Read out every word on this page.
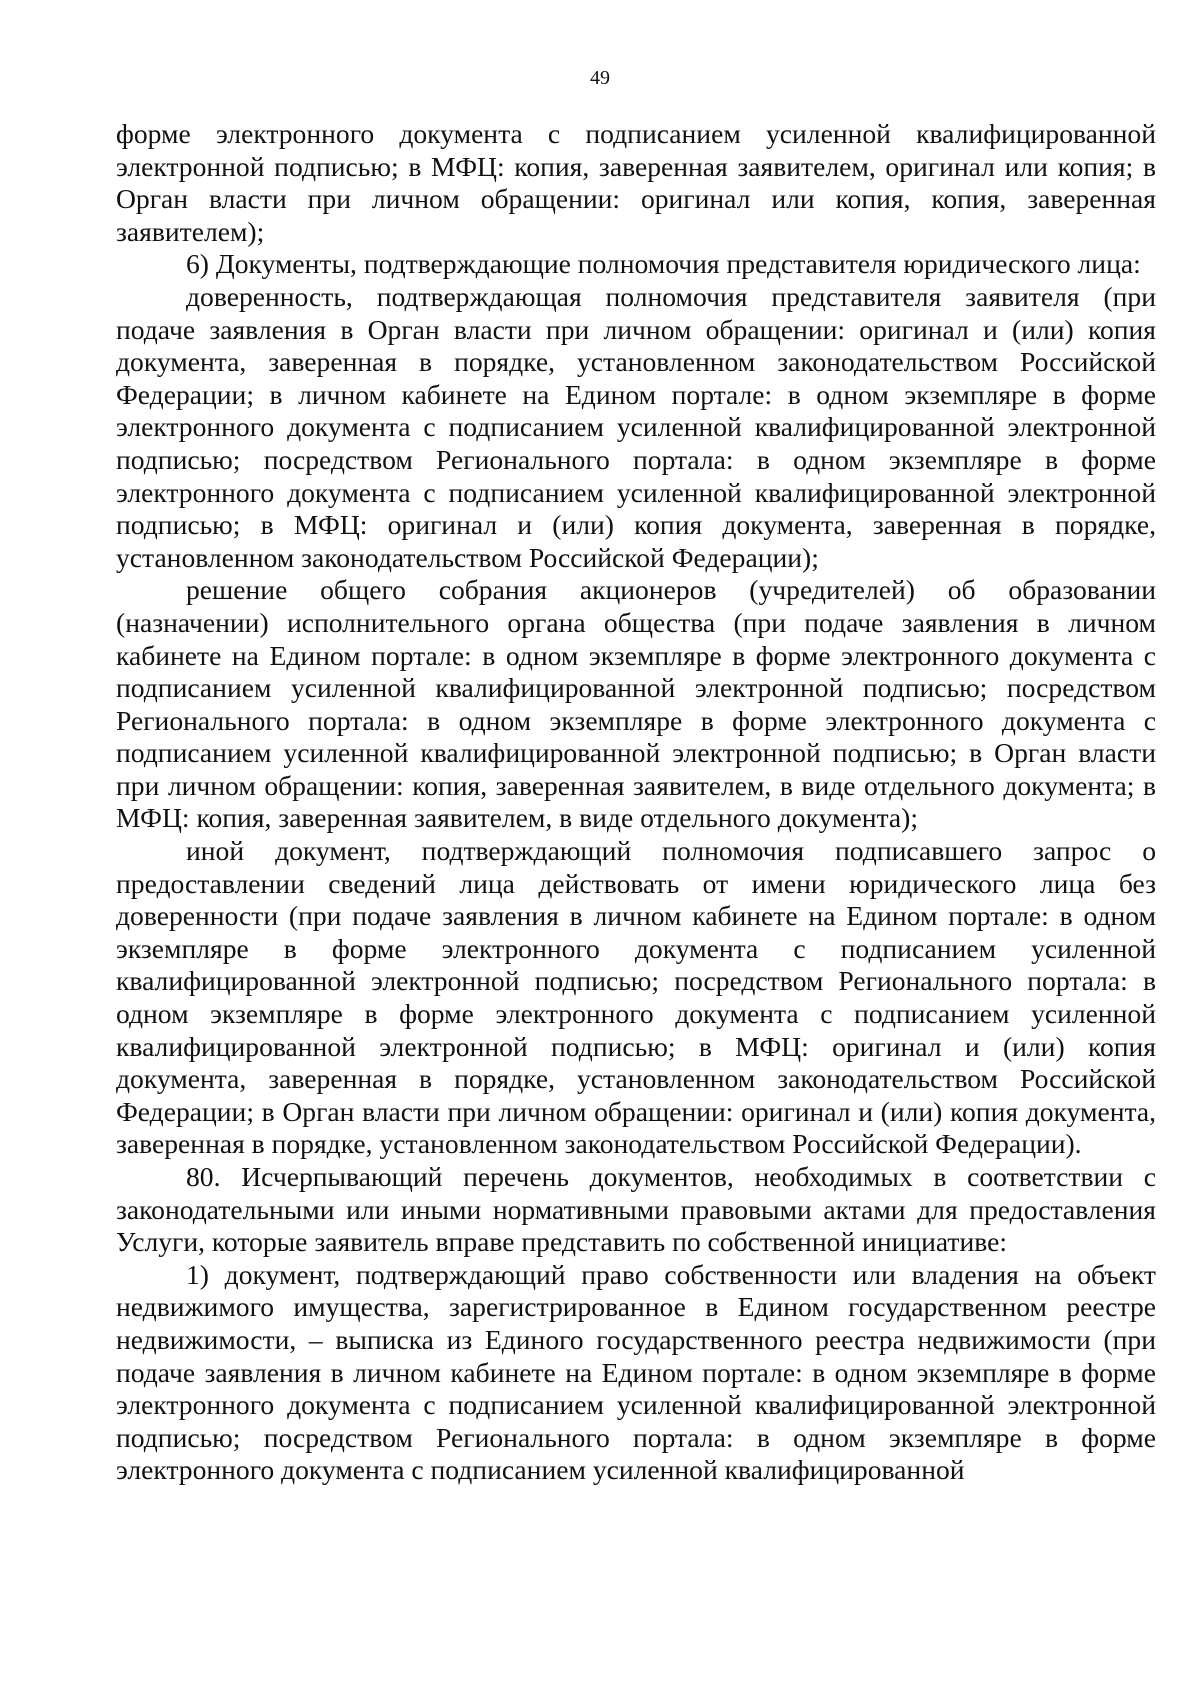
49

форме электронного документа с подписанием усиленной квалифицированной электронной подписью; в МФЦ: копия, заверенная заявителем, оригинал или копия; в Орган власти при личном обращении: оригинал или копия, копия, заверенная заявителем);

6) Документы, подтверждающие полномочия представителя юридического лица:

доверенность, подтверждающая полномочия представителя заявителя (при подаче заявления в Орган власти при личном обращении: оригинал и (или) копия документа, заверенная в порядке, установленном законодательством Российской Федерации; в личном кабинете на Едином портале: в одном экземпляре в форме электронного документа с подписанием усиленной квалифицированной электронной подписью; посредством Регионального портала: в одном экземпляре в форме электронного документа с подписанием усиленной квалифицированной электронной подписью; в МФЦ: оригинал и (или) копия документа, заверенная в порядке, установленном законодательством Российской Федерации);

решение общего собрания акционеров (учредителей) об образовании (назначении) исполнительного органа общества (при подаче заявления в личном кабинете на Едином портале: в одном экземпляре в форме электронного документа с подписанием усиленной квалифицированной электронной подписью; посредством Регионального портала: в одном экземпляре в форме электронного документа с подписанием усиленной квалифицированной электронной подписью; в Орган власти при личном обращении: копия, заверенная заявителем, в виде отдельного документа; в МФЦ: копия, заверенная заявителем, в виде отдельного документа);

иной документ, подтверждающий полномочия подписавшего запрос о предоставлении сведений лица действовать от имени юридического лица без доверенности (при подаче заявления в личном кабинете на Едином портале: в одном экземпляре в форме электронного документа с подписанием усиленной квалифицированной электронной подписью; посредством Регионального портала: в одном экземпляре в форме электронного документа с подписанием усиленной квалифицированной электронной подписью; в МФЦ: оригинал и (или) копия документа, заверенная в порядке, установленном законодательством Российской Федерации; в Орган власти при личном обращении: оригинал и (или) копия документа, заверенная в порядке, установленном законодательством Российской Федерации).

80. Исчерпывающий перечень документов, необходимых в соответствии с законодательными или иными нормативными правовыми актами для предоставления Услуги, которые заявитель вправе представить по собственной инициативе:

1) документ, подтверждающий право собственности или владения на объект недвижимого имущества, зарегистрированное в Едином государственном реестре недвижимости, – выписка из Единого государственного реестра недвижимости (при подаче заявления в личном кабинете на Едином портале: в одном экземпляре в форме электронного документа с подписанием усиленной квалифицированной электронной подписью; посредством Регионального портала: в одном экземпляре в форме электронного документа с подписанием усиленной квалифицированной
